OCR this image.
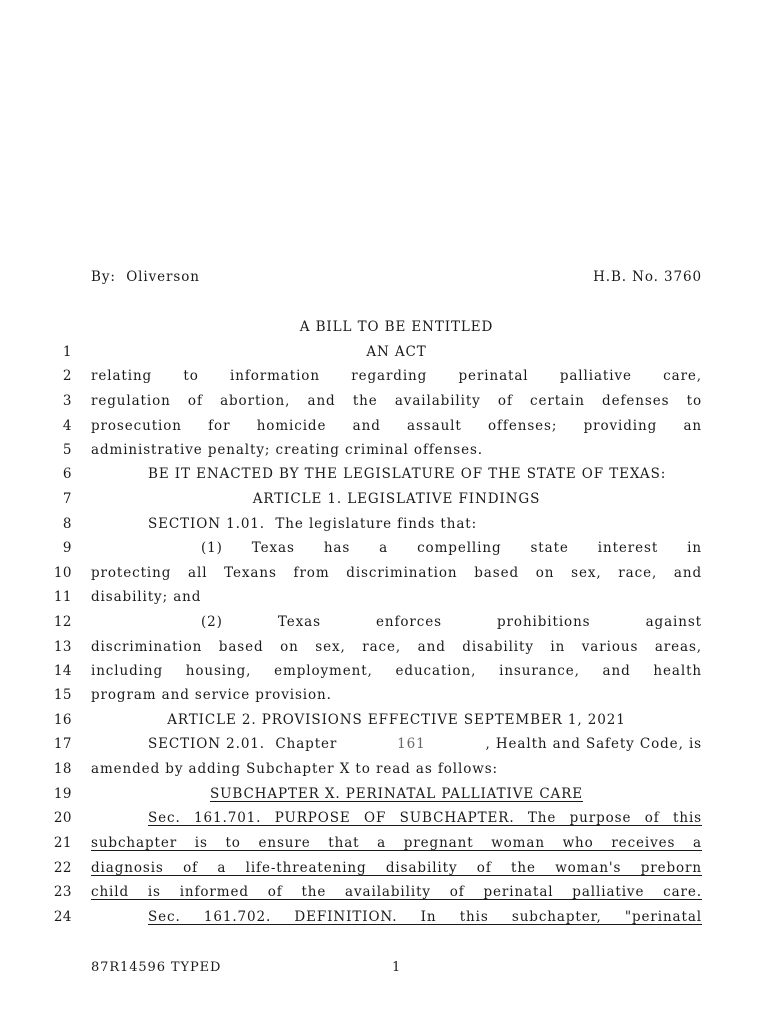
By: Oliverson	H.B. No. 3760
A BILL TO BE ENTITLED
1	AN ACT
2 relating to information regarding perinatal palliative care,
3 regulation of abortion, and the availability of certain defenses to
4 prosecution for homicide and assault offenses; providing an
5 administrative penalty; creating criminal offenses.
6	BE IT ENACTED BY THE LEGISLATURE OF THE STATE OF TEXAS:
7	ARTICLE 1. LEGISLATIVE FINDINGS
8	SECTION 1.01.  The legislature finds that:
9	(1) Texas has a compelling state interest in
10 protecting all Texans from discrimination based on sex, race, and
11 disability; and
12	(2) Texas enforces prohibitions against
13 discrimination based on sex, race, and disability in various areas,
14 including housing, employment, education, insurance, and health
15 program and service provision.
16	ARTICLE 2. PROVISIONS EFFECTIVE SEPTEMBER 1, 2021
17	SECTION 2.01.  Chapter	161	, Health and Safety Code, is
18 amended by adding Subchapter X to read as follows:
19	SUBCHAPTER X. PERINATAL PALLIATIVE CARE
20	Sec. 161.701. PURPOSE OF SUBCHAPTER. The purpose of this
21 subchapter is to ensure that a pregnant woman who receives a
22 diagnosis of a life-threatening disability of the woman's preborn
23 child is informed of the availability of perinatal palliative care.
24	Sec. 161.702. DEFINITION. In this subchapter, "perinatal
87R14596 TYPED	1
